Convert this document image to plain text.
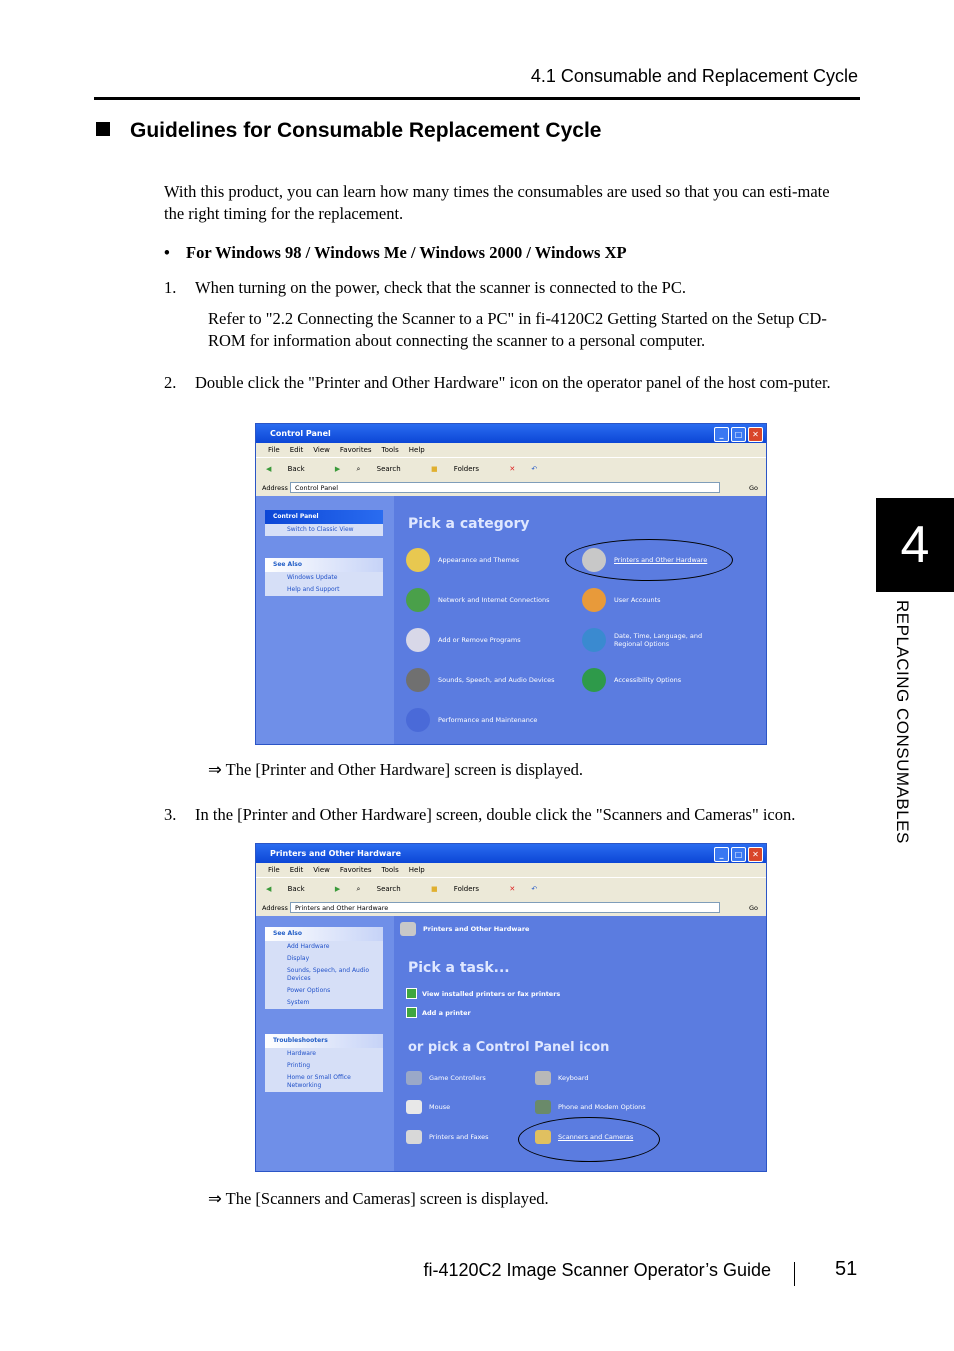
4.1 Consumable and Replacement Cycle
Guidelines for Consumable Replacement Cycle
With this product, you can learn how many times the consumables are used so that you can esti-mate the right timing for the replacement.
• For Windows 98 / Windows Me / Windows 2000 / Windows XP
1. When turning on the power, check that the scanner is connected to the PC.
Refer to "2.2 Connecting the Scanner to a PC" in fi-4120C2 Getting Started on the Setup CD-ROM for information about connecting the scanner to a personal computer.
2. Double click the "Printer and Other Hardware" icon on the operator panel of the host com-puter.
Control Panel	_	□	✕
File Edit View Favorites Tools Help
◀ Back	▶ ⌕ Search	■ Folders	✕ ↶
Address	Control Panel	Go
Control Panel
Switch to Classic View
See Also
Windows Update
Help and Support
Pick a category
Appearance and Themes	Printers and Other Hardware
Network and Internet Connections	User Accounts
Add or Remove Programs	Date, Time, Language, and Regional Options
Sounds, Speech, and Audio Devices	Accessibility Options
Performance and Maintenance
⇒ The [Printer and Other Hardware] screen is displayed.
3. In the [Printer and Other Hardware] screen, double click the "Scanners and Cameras" icon.
Printers and Other Hardware	_	□	✕
File Edit View Favorites Tools Help
◀ Back	▶ ⌕ Search	■ Folders	✕ ↶
Address	Printers and Other Hardware	Go
See Also
Add Hardware
Display
Sounds, Speech, and Audio Devices
Power Options
System
Troubleshooters
Hardware
Printing
Home or Small Office Networking
Printers and Other Hardware
Pick a task...
View installed printers or fax printers
Add a printer
or pick a Control Panel icon
Game Controllers	Keyboard
Mouse	Phone and Modem Options
Printers and Faxes	Scanners and Cameras
⇒ The [Scanners and Cameras] screen is displayed.
4
REPLACING CONSUMABLES
fi-4120C2 Image Scanner Operator’s Guide	51
